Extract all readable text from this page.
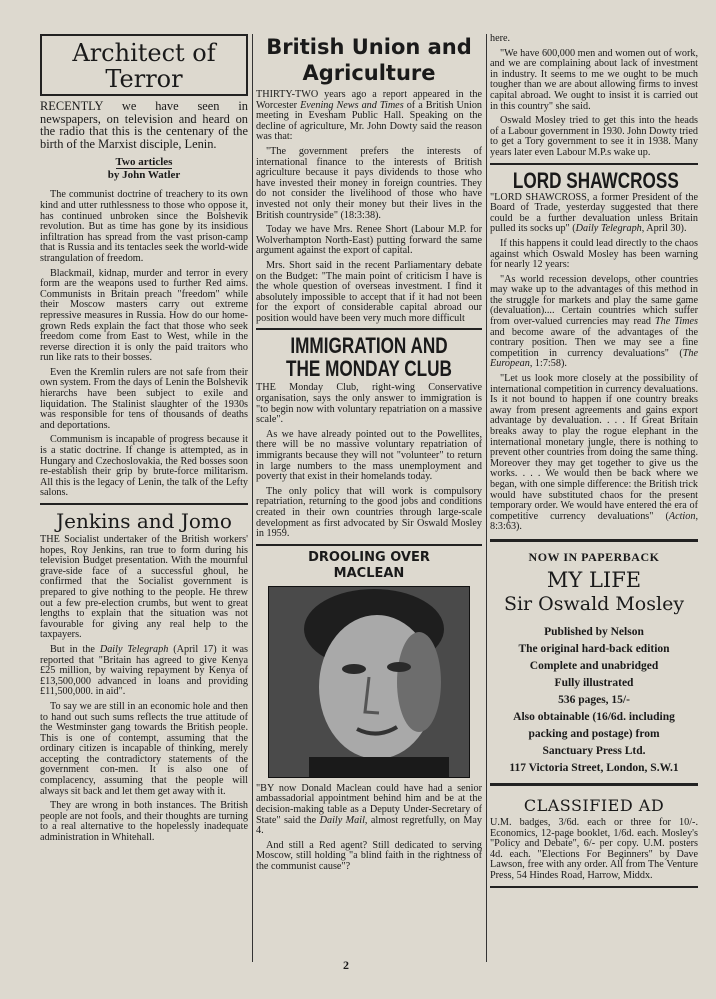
Architect of
Terror

RECENTLY we have seen in newspapers, on television and heard on the radio that this is the centenary of the birth of the Marxist disciple, Lenin.

Two articles
by John Watler

The communist doctrine of treachery to its own kind and utter ruthlessness to those who oppose it, has continued unbroken since the Bolshevik revolution. But as time has gone by its insidious infiltration has spread from the vast prison-camp that is Russia and its tentacles seek the world-wide strangulation of freedom.

Blackmail, kidnap, murder and terror in every form are the weapons used to further Red aims. Communists in Britain preach "freedom" while their Moscow masters carry out extreme repressive measures in Russia. How do our home-grown Reds explain the fact that those who seek freedom come from East to West, while in the reverse direction it is only the paid traitors who run like rats to their bosses.

Even the Kremlin rulers are not safe from their own system. From the days of Lenin the Bolshevik hierarchs have been subject to exile and liquidation. The Stalinist slaughter of the 1930s was responsible for tens of thousands of deaths and deportations.

Communism is incapable of progress because it is a static doctrine. If change is attempted, as in Hungary and Czechoslovakia, the Red bosses soon re-establish their grip by brute-force militarism. All this is the legacy of Lenin, the talk of the Lefty salons.

Jenkins and Jomo

THE Socialist undertaker of the British workers' hopes, Roy Jenkins, ran true to form during his television Budget presentation. With the mournful grave-side face of a successful ghoul, he confirmed that the Socialist government is prepared to give nothing to the people. He threw out a few pre-election crumbs, but went to great lengths to explain that the situation was not favourable for giving any real help to the taxpayers.

But in the Daily Telegraph (April 17) it was reported that "Britain has agreed to give Kenya £25 million, by waiving repayment by Kenya of £13,500,000 advanced in loans and providing £11,500,000. in aid".

To say we are still in an economic hole and then to hand out such sums reflects the true attitude of the Westminster gang towards the British people. This is one of contempt, assuming that the ordinary citizen is incapable of thinking, merely accepting the contradictory statements of the government con-men. It is also one of complacency, assuming that the people will always sit back and let them get away with it.

They are wrong in both instances. The British people are not fools, and their thoughts are turning to a real alternative to the hopelessly inadequate administration in Whitehall.

British Union and
Agriculture

THIRTY-TWO years ago a report appeared in the Worcester Evening News and Times of a British Union meeting in Evesham Public Hall. Speaking on the decline of agriculture, Mr. John Dowty said the reason was that:

"The government prefers the interests of international finance to the interests of British agriculture because it pays dividends to those who have invested their money in foreign countries. They do not consider the livelihood of those who have invested not only their money but their lives in the British countryside" (18:3:38).

Today we have Mrs. Renee Short (Labour M.P. for Wolverhampton North-East) putting forward the same argument against the export of capital.

Mrs. Short said in the recent Parliamentary debate on the Budget: "The main point of criticism I have is the whole question of overseas investment. I find it absolutely impossible to accept that if it had not been for the export of considerable capital abroad our position would have been very much more difficult

IMMIGRATION AND
THE MONDAY CLUB

THE Monday Club, right-wing Conservative organisation, says the only answer to immigration is "to begin now with voluntary repatriation on a massive scale".

As we have already pointed out to the Powellites, there will be no massive voluntary repatriation of immigrants because they will not "volunteer" to return in large numbers to the mass unemployment and poverty that exist in their homelands today.

The only policy that will work is compulsory repatriation, returning to the good jobs and conditions created in their own countries through large-scale development as first advocated by Sir Oswald Mosley in 1959.

DROOLING OVER
MACLEAN

"BY now Donald Maclean could have had a senior ambassadorial appointment behind him and be at the decision-making table as a Deputy Under-Secretary of State" said the Daily Mail, almost regretfully, on May 4.

And still a Red agent? Still dedicated to serving Moscow, still holding "a blind faith in the rightness of the communist cause"?

here.

"We have 600,000 men and women out of work, and we are complaining about lack of investment in industry. It seems to me we ought to be much tougher than we are about allowing firms to invest capital abroad. We ought to insist it is carried out in this country" she said.

Oswald Mosley tried to get this into the heads of a Labour government in 1930. John Dowty tried to get a Tory government to see it in 1938. Many years later even Labour M.P.s wake up.

LORD SHAWCROSS

"LORD SHAWCROSS, a former President of the Board of Trade, yesterday suggested that there could be a further devaluation unless Britain pulled its socks up" (Daily Telegraph, April 30).

If this happens it could lead directly to the chaos against which Oswald Mosley has been warning for nearly 12 years:

"As world recession develops, other countries may wake up to the advantages of this method in the struggle for markets and play the same game (devaluation).... Certain countries which suffer from over-valued currencies may read The Times and become aware of the advantages of the contrary position. Then we may see a fine competition in currency devaluations" (The European, 1:7:58).

"Let us look more closely at the possibility of international competition in currency devaluations. Is it not bound to happen if one country breaks away from present agreements and gains export advantage by devaluation. . . . If Great Britain breaks away to play the rogue elephant in the international monetary jungle, there is nothing to prevent other countries from doing the same thing. Moreover they may get together to give us the works. . . . We would then be back where we began, with one simple difference: the British trick would have substituted chaos for the present temporary order. We would have entered the era of competitive currency devaluations" (Action, 8:3:63).

NOW IN PAPERBACK
MY LIFE
Sir Oswald Mosley
Published by Nelson
The original hard-back edition
Complete and unabridged
Fully illustrated
536 pages, 15/-
Also obtainable (16/6d. including
packing and postage) from
Sanctuary Press Ltd.
117 Victoria Street, London, S.W.1
CLASSIFIED AD

U.M. badges, 3/6d. each or three for 10/-. Economics, 12-page booklet, 1/6d. each. Mosley's "Policy and Debate", 6/- per copy. U.M. posters 4d. each. "Elections For Beginners" by Dave Lawson, free with any order. All from The Venture Press, 54 Hindes Road, Harrow, Middx.

2
